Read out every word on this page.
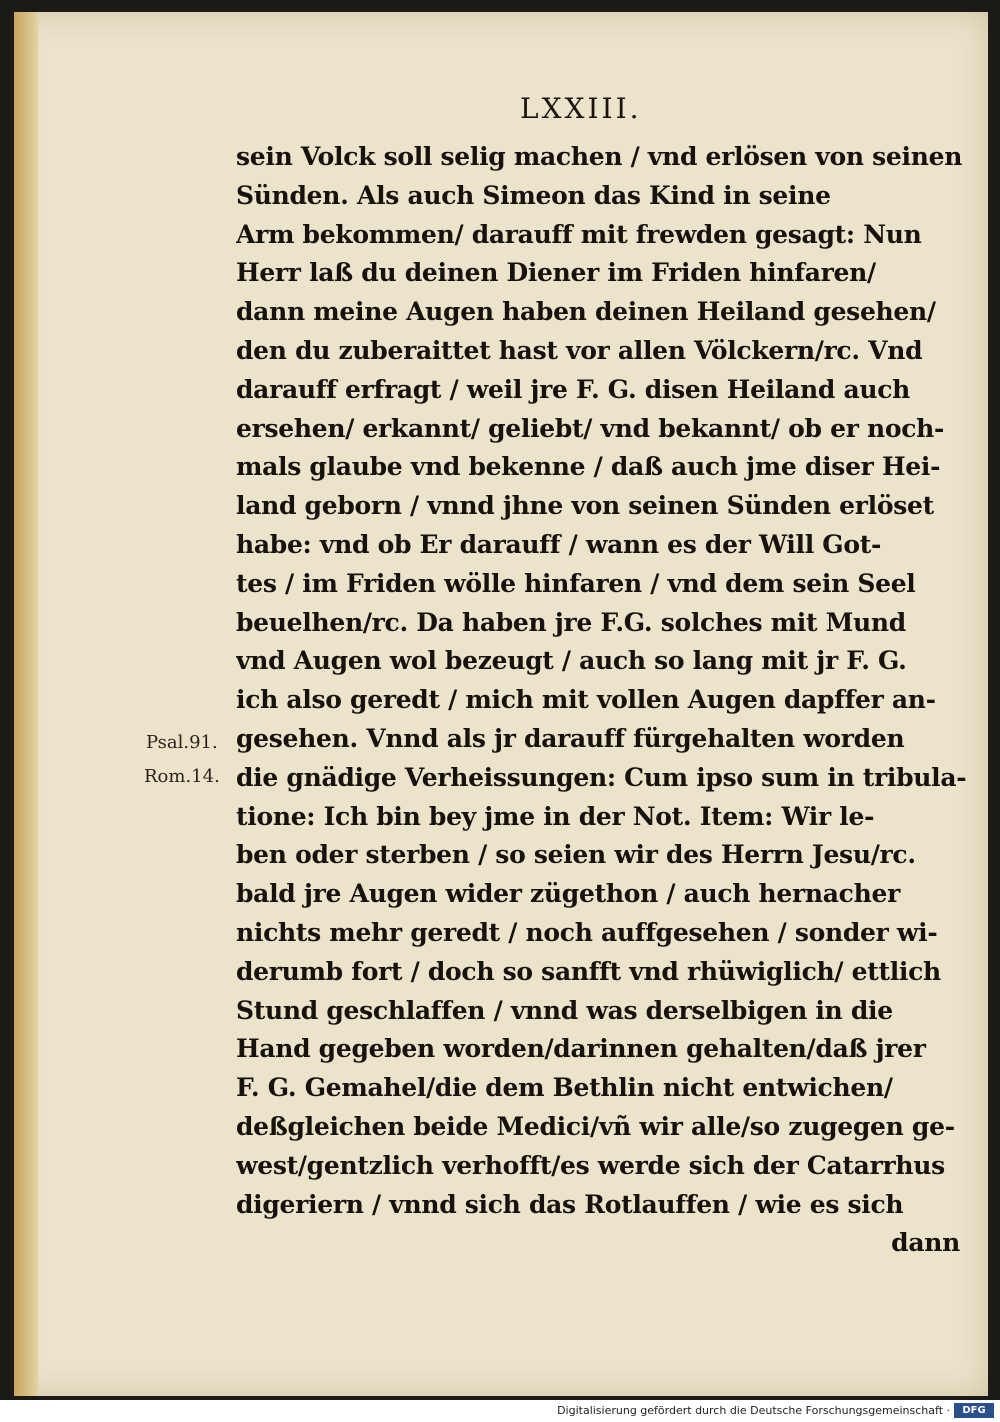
LXXIII.
sein Volck soll selig machen / vnd erlösen von seinen
Sünden. Als auch Simeon das Kind in seine
Arm bekommen/ darauff mit frewden gesagt: Nun
Herr laß du deinen Diener im Friden hinfaren/
dann meine Augen haben deinen Heiland gesehen/
den du zuberaittet hast vor allen Völckern/rc. Vnd
darauff erfragt / weil jre F. G. disen Heiland auch
ersehen/ erkannt/ geliebt/ vnd bekannt/ ob er noch-
mals glaube vnd bekenne / daß auch jme diser Hei-
land geborn / vnnd jhne von seinen Sünden erlöset
habe: vnd ob Er darauff / wann es der Will Got-
tes / im Friden wölle hinfaren / vnd dem sein Seel
beuelhen/rc. Da haben jre F.G. solches mit Mund
vnd Augen wol bezeugt / auch so lang mit jr F. G.
ich also geredt / mich mit vollen Augen dapffer an-
gesehen. Vnnd als jr darauff fürgehalten worden
die gnädige Verheissungen: Cum ipso sum in tribula-
tione: Ich bin bey jme in der Not. Item: Wir le-
ben oder sterben / so seien wir des Herrn Jesu/rc.
bald jre Augen wider zügethon / auch hernacher
nichts mehr geredt / noch auffgesehen / sonder wi-
derumb fort / doch so sanfft vnd rhüwiglich/ ettlich
Stund geschlaffen / vnnd was derselbigen in die
Hand gegeben worden/darinnen gehalten/daß jrer
F. G. Gemahel/die dem Bethlin nicht entwichen/
deßgleichen beide Medici/vñ wir alle/so zugegen ge-
west/gentzlich verhofft/es werde sich der Catarrhus
digeriern / vnnd sich das Rotlauffen / wie es sich
dann
Psal.91.
Rom.14.
Digitalisierung gefördert durch die Deutsche Forschungsgemeinschaft ·	DFG
